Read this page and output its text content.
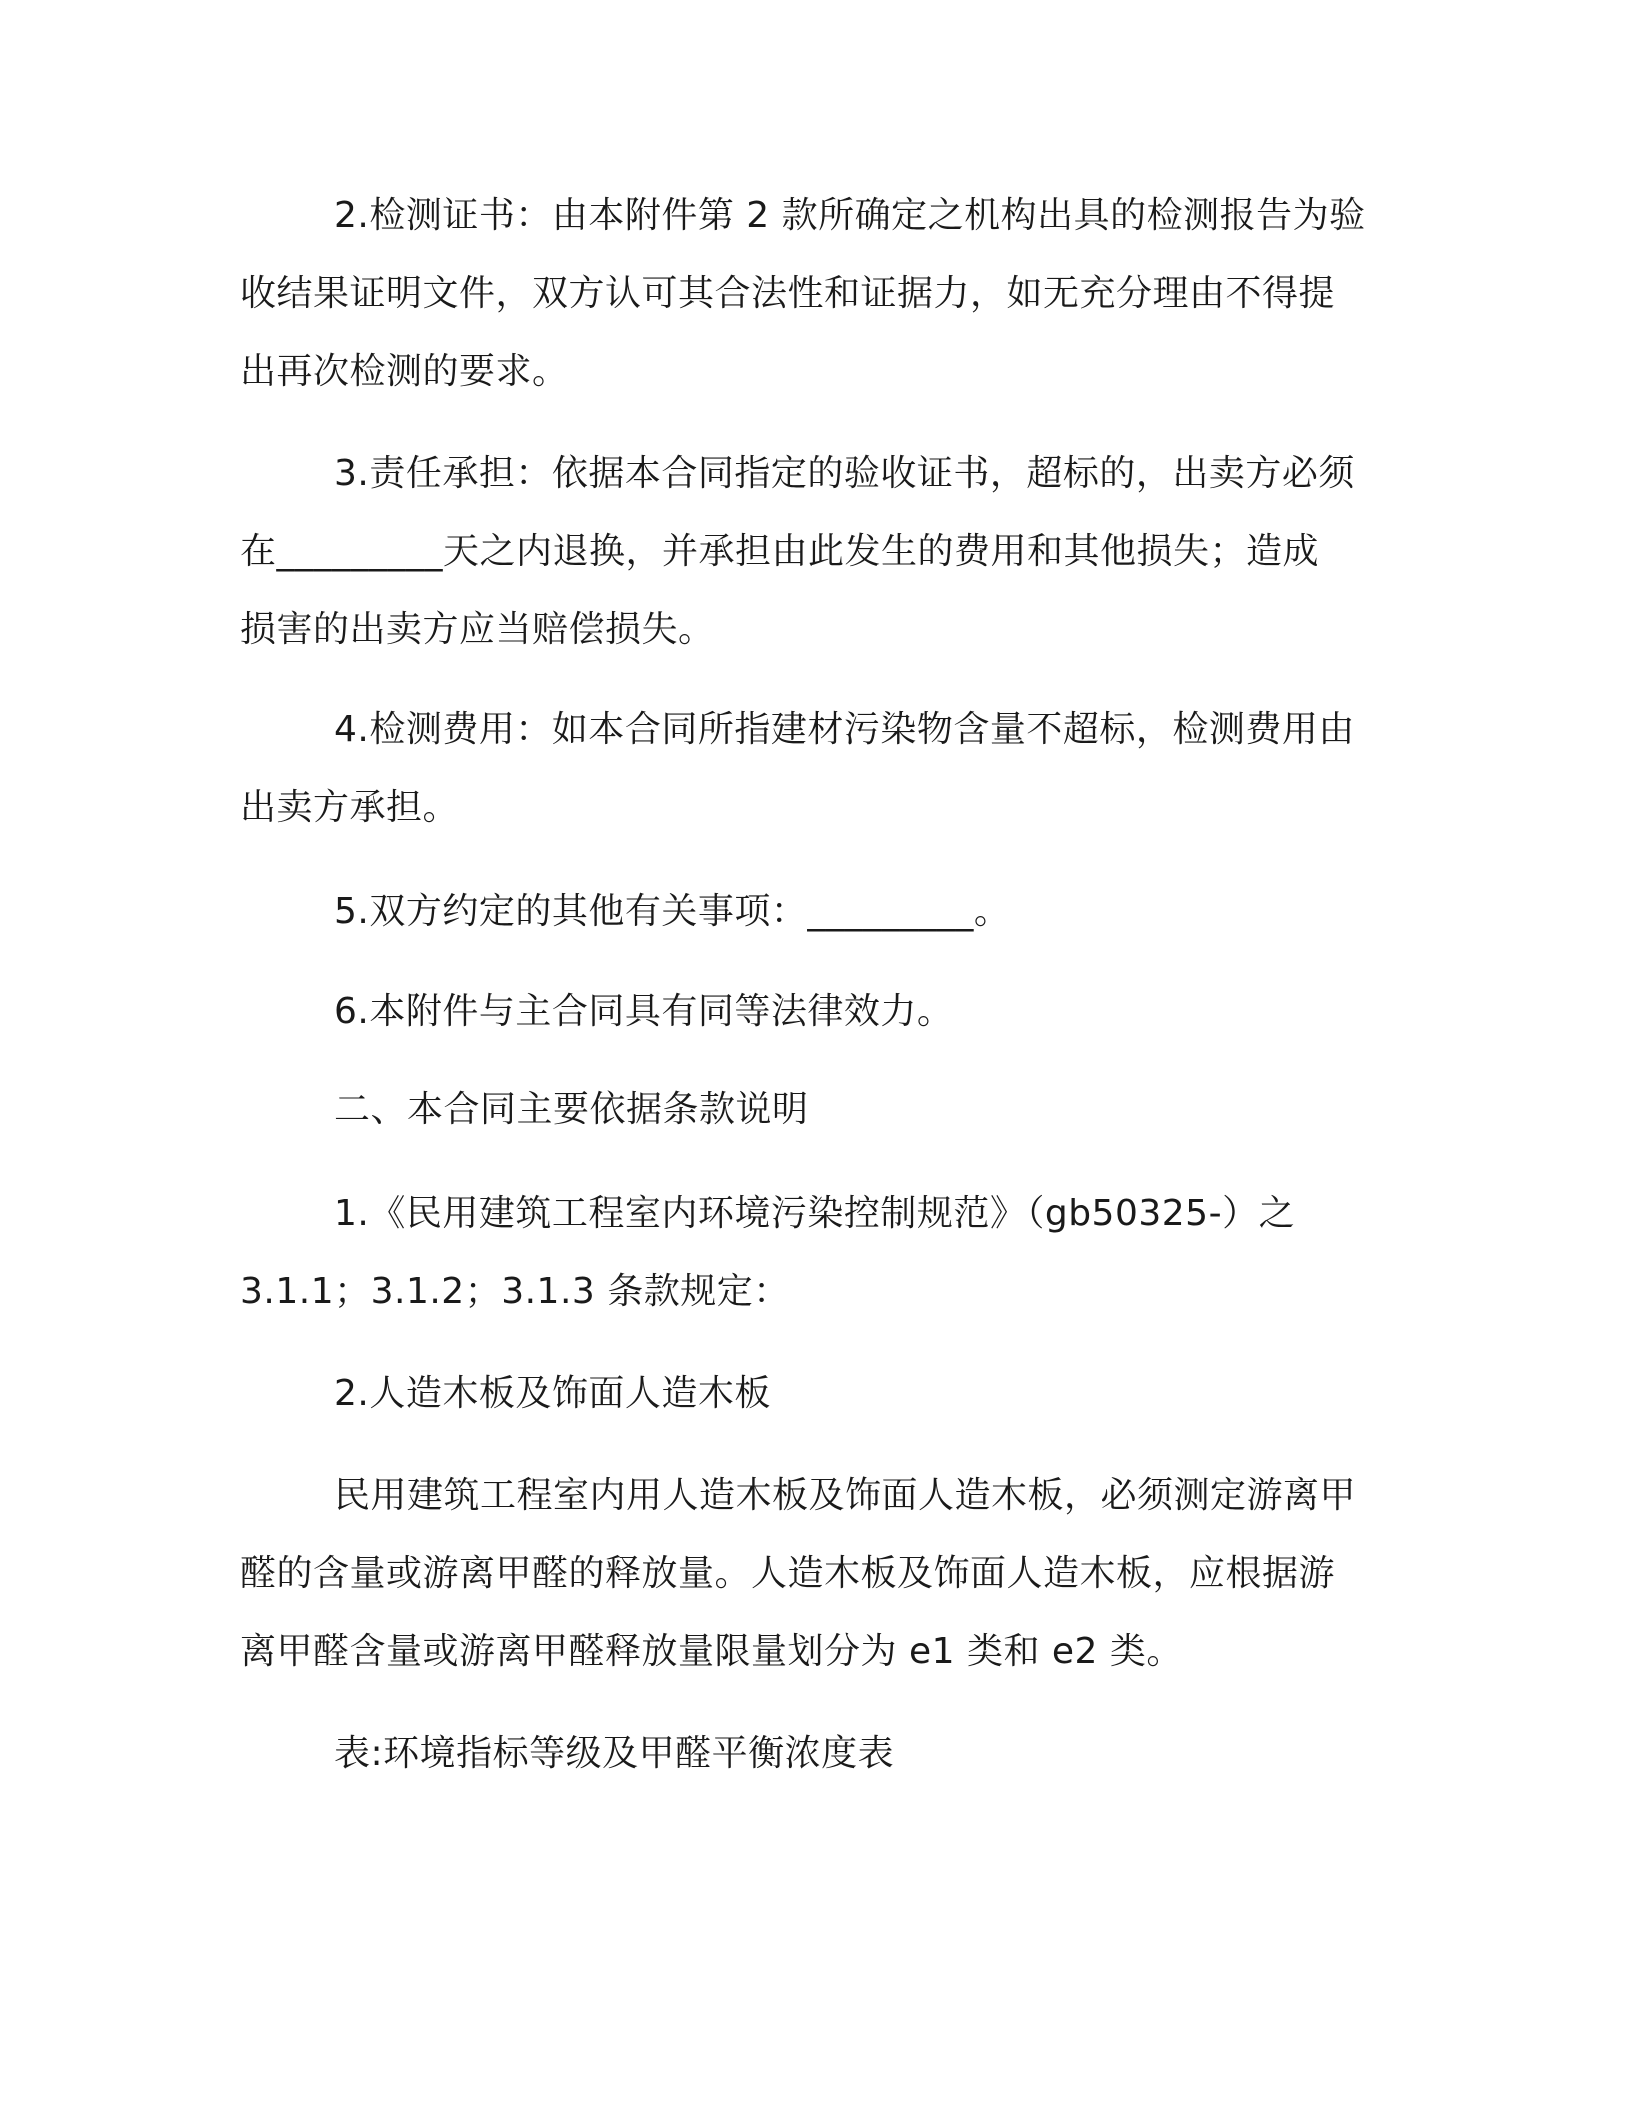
2.检测证书：由本附件第 2 款所确定之机构出具的检测报告为验
收结果证明文件，双方认可其合法性和证据力，如无充分理由不得提
出再次检测的要求。
3.责任承担：依据本合同指定的验收证书，超标的，出卖方必须
在_________天之内退换，并承担由此发生的费用和其他损失；造成
损害的出卖方应当赔偿损失。
4.检测费用：如本合同所指建材污染物含量不超标，检测费用由
出卖方承担。
5.双方约定的其他有关事项：_________。
6.本附件与主合同具有同等法律效力。
二、本合同主要依据条款说明
1.《民用建筑工程室内环境污染控制规范》（gb50325-）之
3.1.1；3.1.2；3.1.3 条款规定：
2.人造木板及饰面人造木板
民用建筑工程室内用人造木板及饰面人造木板，必须测定游离甲
醛的含量或游离甲醛的释放量。人造木板及饰面人造木板，应根据游
离甲醛含量或游离甲醛释放量限量划分为 e1 类和 e2 类。
表:环境指标等级及甲醛平衡浓度表
